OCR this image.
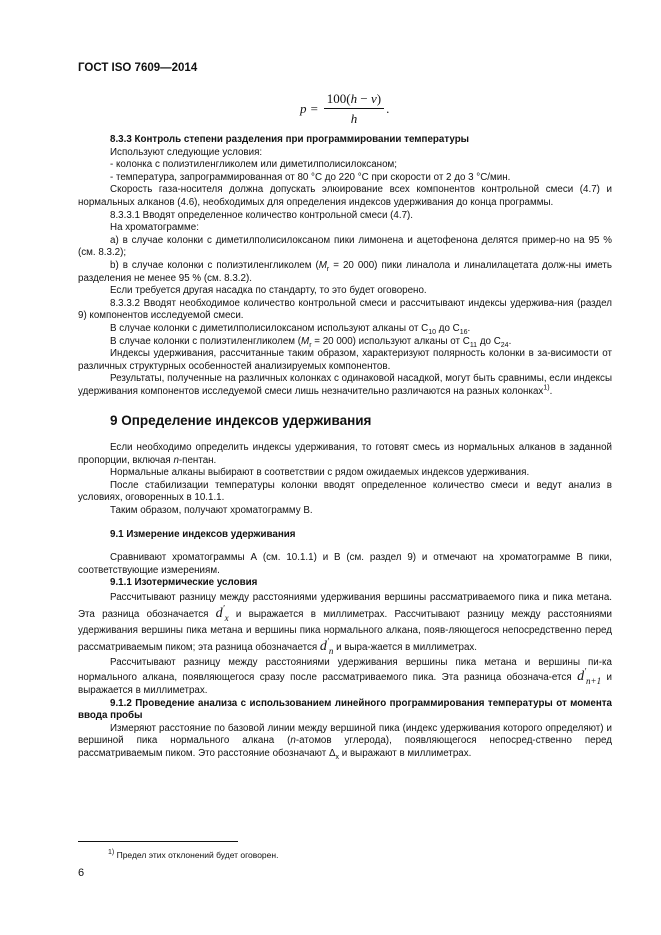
ГОСТ ISO 7609—2014
$p = \frac{100(h - v)}{h}$ .

8.3.3 Контроль степени разделения при программировании температуры

Используют следующие условия:

- колонка с полиэтиленгликолем или диметилполисилоксаном;

- температура, запрограммированная от 80 °С до 220 °С при скорости от 2 до 3 °С/мин.

Скорость газа-носителя должна допускать элюирование всех компонентов контрольной смеси (4.7) и нормальных алканов (4.6), необходимых для определения индексов удерживания до конца программы.

8.3.3.1 Вводят определенное количество контрольной смеси (4.7).

На хроматограмме:

а) в случае колонки с диметилполисилоксаном пики лимонена и ацетофенона делятся пример-но на 95 % (см. 8.3.2);

b) в случае колонки с полиэтиленгликолем ($M_r = 20$ 000) пики линалола и линалилацетата долж-ны иметь разделения не менее 95 % (см. 8.3.2).

Если требуется другая насадка по стандарту, то это будет оговорено.

8.3.3.2 Вводят необходимое количество контрольной смеси и рассчитывают индексы удержива-ния (раздел 9) компонентов исследуемой смеси.

В случае колонки с диметилполисилоксаном используют алканы от $С_{10}$ до $С_{16}$.

В случае колонки с полиэтиленгликолем ($M_r = 20$ 000) используют алканы от $С_{11}$ до $С_{24}$.

Индексы удерживания, рассчитанные таким образом, характеризуют полярность колонки в за-висимости от различных структурных особенностей анализируемых компонентов.

Результаты, полученные на различных колонках с одинаковой насадкой, могут быть сравнимы, если индексы удерживания компонентов исследуемой смеси лишь незначительно различаются на разных колонках$^{1)}$.

9 Определение индексов удерживания

Если необходимо определить индексы удерживания, то готовят смесь из нормальных алканов в заданной пропорции, включая n-пентан.

Нормальные алканы выбирают в соответствии с рядом ожидаемых индексов удерживания.

После стабилизации температуры колонки вводят определенное количество смеси и ведут анализ в условиях, оговоренных в 10.1.1.

Таким образом, получают хроматограмму В.

9.1 Измерение индексов удерживания

Сравнивают хроматограммы А (см. 10.1.1) и В (см. раздел 9) и отмечают на хроматограмме В пики, соответствующие измерениям.

9.1.1 Изотермические условия

Рассчитывают разницу между расстояниями удерживания вершины рассматриваемого пика и пика метана. Эта разница обозначается $d'_x$ и выражается в миллиметрах. Рассчитывают разницу между расстояниями удерживания вершины пика метана и вершины пика нормального алкана, появ-ляющегося непосредственно перед рассматриваемым пиком; эта разница обозначается $d'_n$ и выра-жается в миллиметрах.

Рассчитывают разницу между расстояниями удерживания вершины пика метана и вершины пи-ка нормального алкана, появляющегося сразу после рассматриваемого пика. Эта разница обознача-ется $d'_{n+1}$ и выражается в миллиметрах.

9.1.2 Проведение анализа с использованием линейного программирования температуры от момента ввода пробы

Измеряют расстояние по базовой линии между вершиной пика (индекс удерживания которого определяют) и вершиной пика нормального алкана (n-атомов углерода), появляющегося непосред-ственно перед рассматриваемым пиком. Это расстояние обозначают $\Delta_x$ и выражают в миллиметрах.

$^{1)}$ Предел этих отклонений будет оговорен.
6
